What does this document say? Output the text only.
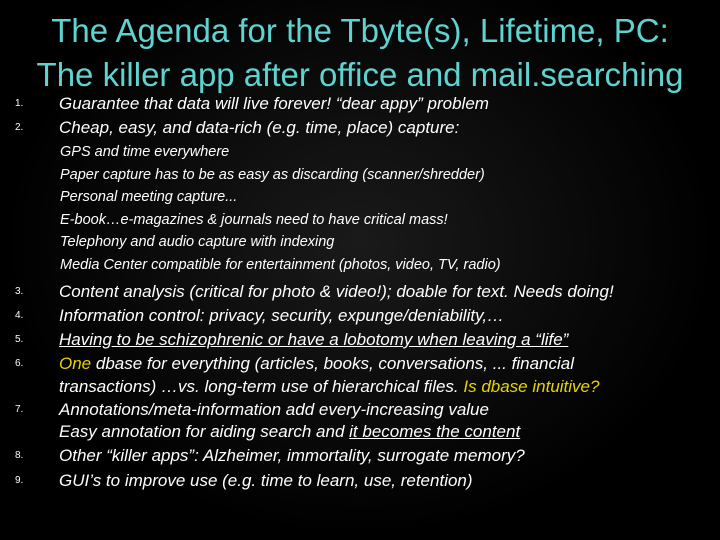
The Agenda for the Tbyte(s), Lifetime, PC:
The killer app after office and mail.searching
1. Guarantee that data will live forever! “dear appy” problem
2. Cheap, easy, and data-rich (e.g. time, place) capture:
GPS and time everywhere
Paper capture has to be as easy as discarding (scanner/shredder)
Personal meeting capture...
E-book…e-magazines & journals need to have critical mass!
Telephony and audio capture with indexing
Media Center compatible for entertainment (photos, video, TV, radio)
3. Content analysis (critical for photo & video!); doable for text. Needs doing!
4. Information control: privacy, security, expunge/deniability,…
5. Having to be schizophrenic or have a lobotomy when leaving a “life”
6. One dbase for everything (articles, books, conversations, ... financial
transactions) …vs. long-term use of hierarchical files. Is dbase intuitive?
7. Annotations/meta-information add every-increasing value
Easy annotation for aiding search and it becomes the content
8. Other “killer apps”: Alzheimer, immortality, surrogate memory?
9. GUI’s to improve use (e.g. time to learn, use, retention)
